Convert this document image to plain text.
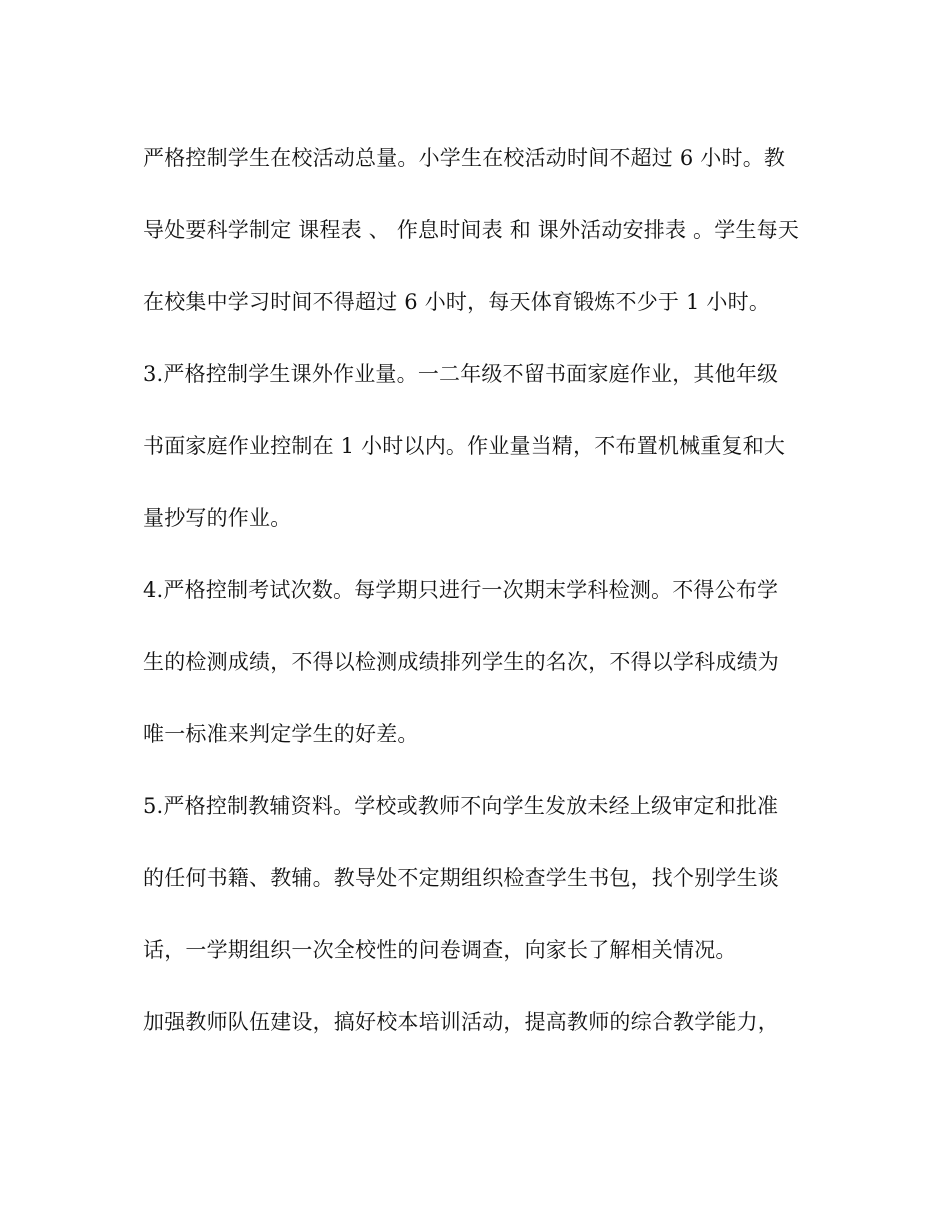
严格控制学生在校活动总量。小学生在校活动时间不超过 6 小时。教
导处要科学制定 课程表 、 作息时间表 和 课外活动安排表 。学生每天
在校集中学习时间不得超过 6 小时，每天体育锻炼不少于 1 小时。
3.严格控制学生课外作业量。一二年级不留书面家庭作业，其他年级
书面家庭作业控制在 1 小时以内。作业量当精，不布置机械重复和大
量抄写的作业。
4.严格控制考试次数。每学期只进行一次期末学科检测。不得公布学
生的检测成绩，不得以检测成绩排列学生的名次，不得以学科成绩为
唯一标准来判定学生的好差。
5.严格控制教辅资料。学校或教师不向学生发放未经上级审定和批准
的任何书籍、教辅。教导处不定期组织检查学生书包，找个别学生谈
话，一学期组织一次全校性的问卷调查，向家长了解相关情况。
加强教师队伍建设，搞好校本培训活动，提高教师的综合教学能力，
